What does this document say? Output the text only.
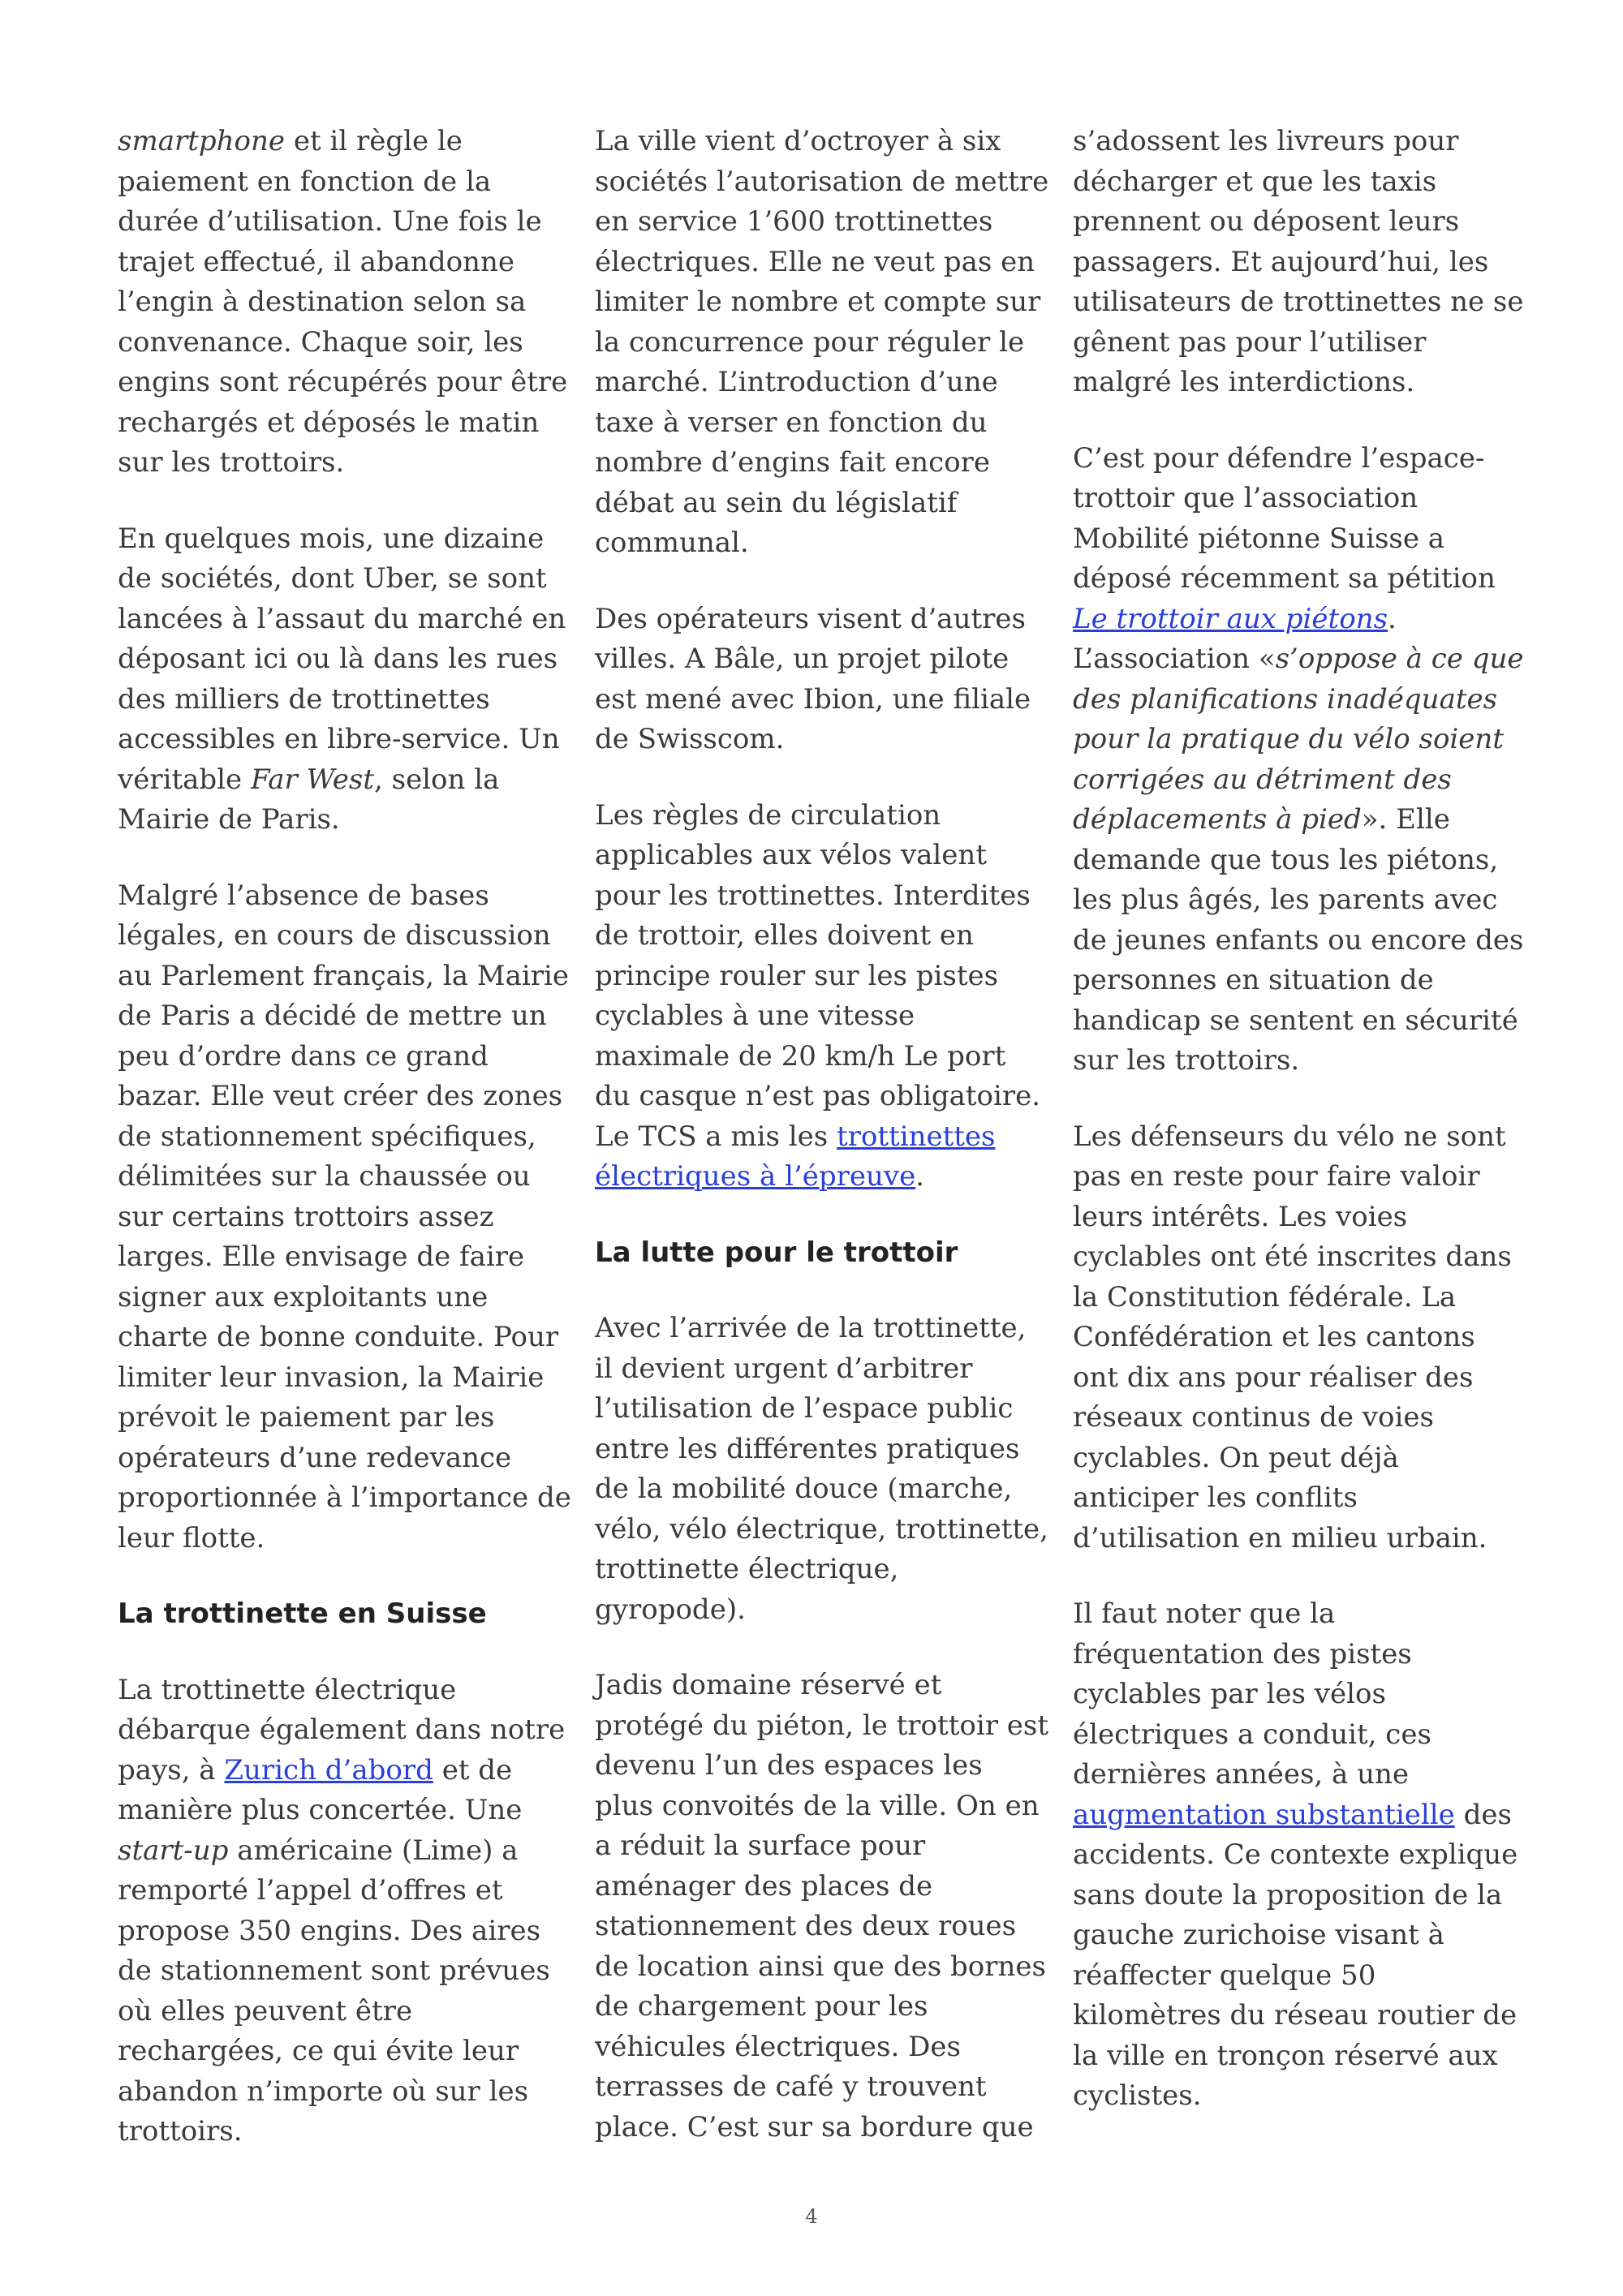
smartphone et il règle le paiement en fonction de la durée d’utilisation. Une fois le trajet effectué, il abandonne l’engin à destination selon sa convenance. Chaque soir, les engins sont récupérés pour être rechargés et déposés le matin sur les trottoirs.

En quelques mois, une dizaine de sociétés, dont Uber, se sont lancées à l’assaut du marché en déposant ici ou là dans les rues des milliers de trottinettes accessibles en libre-service. Un véritable Far West, selon la Mairie de Paris.

Malgré l’absence de bases légales, en cours de discussion au Parlement français, la Mairie de Paris a décidé de mettre un peu d’ordre dans ce grand bazar. Elle veut créer des zones de stationnement spécifiques, délimitées sur la chaussée ou sur certains trottoirs assez larges. Elle envisage de faire signer aux exploitants une charte de bonne conduite. Pour limiter leur invasion, la Mairie prévoit le paiement par les opérateurs d’une redevance proportionnée à l’importance de leur flotte.

La trottinette en Suisse

La trottinette électrique débarque également dans notre pays, à Zurich d’abord et de manière plus concertée. Une start-up américaine (Lime) a remporté l’appel d’offres et propose 350 engins. Des aires de stationnement sont prévues où elles peuvent être rechargées, ce qui évite leur abandon n’importe où sur les trottoirs.

La ville vient d’octroyer à six sociétés l’autorisation de mettre en service 1’600 trottinettes électriques. Elle ne veut pas en limiter le nombre et compte sur la concurrence pour réguler le marché. L’introduction d’une taxe à verser en fonction du nombre d’engins fait encore débat au sein du législatif communal.

Des opérateurs visent d’autres villes. A Bâle, un projet pilote est mené avec Ibion, une filiale de Swisscom.

Les règles de circulation applicables aux vélos valent pour les trottinettes. Interdites de trottoir, elles doivent en principe rouler sur les pistes cyclables à une vitesse maximale de 20 km/h Le port du casque n’est pas obligatoire. Le TCS a mis les trottinettes électriques à l’épreuve.

La lutte pour le trottoir

Avec l’arrivée de la trottinette, il devient urgent d’arbitrer l’utilisation de l’espace public entre les différentes pratiques de la mobilité douce (marche, vélo, vélo électrique, trottinette, trottinette électrique, gyropode).

Jadis domaine réservé et protégé du piéton, le trottoir est devenu l’un des espaces les plus convoités de la ville. On en a réduit la surface pour aménager des places de stationnement des deux roues de location ainsi que des bornes de chargement pour les véhicules électriques. Des terrasses de café y trouvent place. C’est sur sa bordure que

s’adossent les livreurs pour décharger et que les taxis prennent ou déposent leurs passagers. Et aujourd’hui, les utilisateurs de trottinettes ne se gênent pas pour l’utiliser malgré les interdictions.

C’est pour défendre l’espace-trottoir que l’association Mobilité piétonne Suisse a déposé récemment sa pétition Le trottoir aux piétons. L’association «s’oppose à ce que des planifications inadéquates pour la pratique du vélo soient corrigées au détriment des déplacements à pied». Elle demande que tous les piétons, les plus âgés, les parents avec de jeunes enfants ou encore des personnes en situation de handicap se sentent en sécurité sur les trottoirs.

Les défenseurs du vélo ne sont pas en reste pour faire valoir leurs intérêts. Les voies cyclables ont été inscrites dans la Constitution fédérale. La Confédération et les cantons ont dix ans pour réaliser des réseaux continus de voies cyclables. On peut déjà anticiper les conflits d’utilisation en milieu urbain.

Il faut noter que la fréquentation des pistes cyclables par les vélos électriques a conduit, ces dernières années, à une augmentation substantielle des accidents. Ce contexte explique sans doute la proposition de la gauche zurichoise visant à réaffecter quelque 50 kilomètres du réseau routier de la ville en tronçon réservé aux cyclistes.

4
